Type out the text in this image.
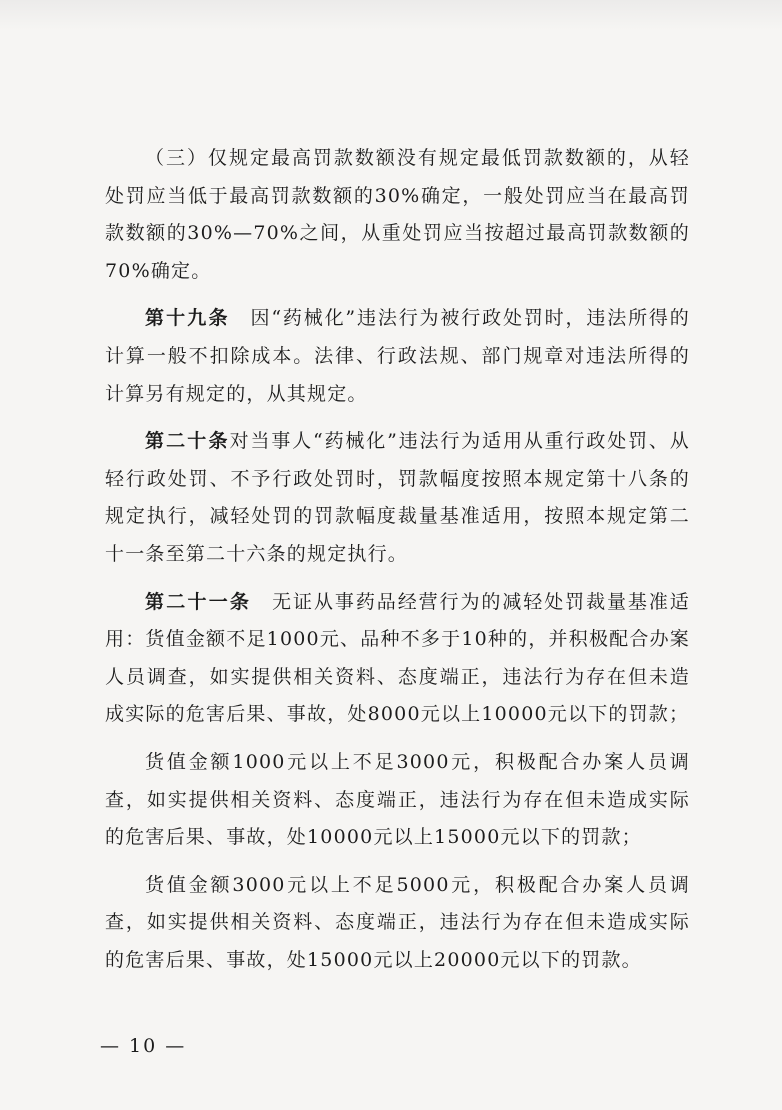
（三）仅规定最高罚款数额没有规定最低罚款数额的，从轻处罚应当低于最高罚款数额的30%确定，一般处罚应当在最高罚款数额的30%—70%之间，从重处罚应当按超过最高罚款数额的70%确定。

第十九条　因“药械化”违法行为被行政处罚时，违法所得的计算一般不扣除成本。法律、行政法规、部门规章对违法所得的计算另有规定的，从其规定。

第二十条对当事人“药械化”违法行为适用从重行政处罚、从轻行政处罚、不予行政处罚时，罚款幅度按照本规定第十八条的规定执行，减轻处罚的罚款幅度裁量基准适用，按照本规定第二十一条至第二十六条的规定执行。

第二十一条　无证从事药品经营行为的减轻处罚裁量基准适用：货值金额不足1000元、品种不多于10种的，并积极配合办案人员调查，如实提供相关资料、态度端正，违法行为存在但未造成实际的危害后果、事故，处8000元以上10000元以下的罚款；

货值金额1000元以上不足3000元，积极配合办案人员调查，如实提供相关资料、态度端正，违法行为存在但未造成实际的危害后果、事故，处10000元以上15000元以下的罚款；

货值金额3000元以上不足5000元，积极配合办案人员调查，如实提供相关资料、态度端正，违法行为存在但未造成实际的危害后果、事故，处15000元以上20000元以下的罚款。

— 10 —
